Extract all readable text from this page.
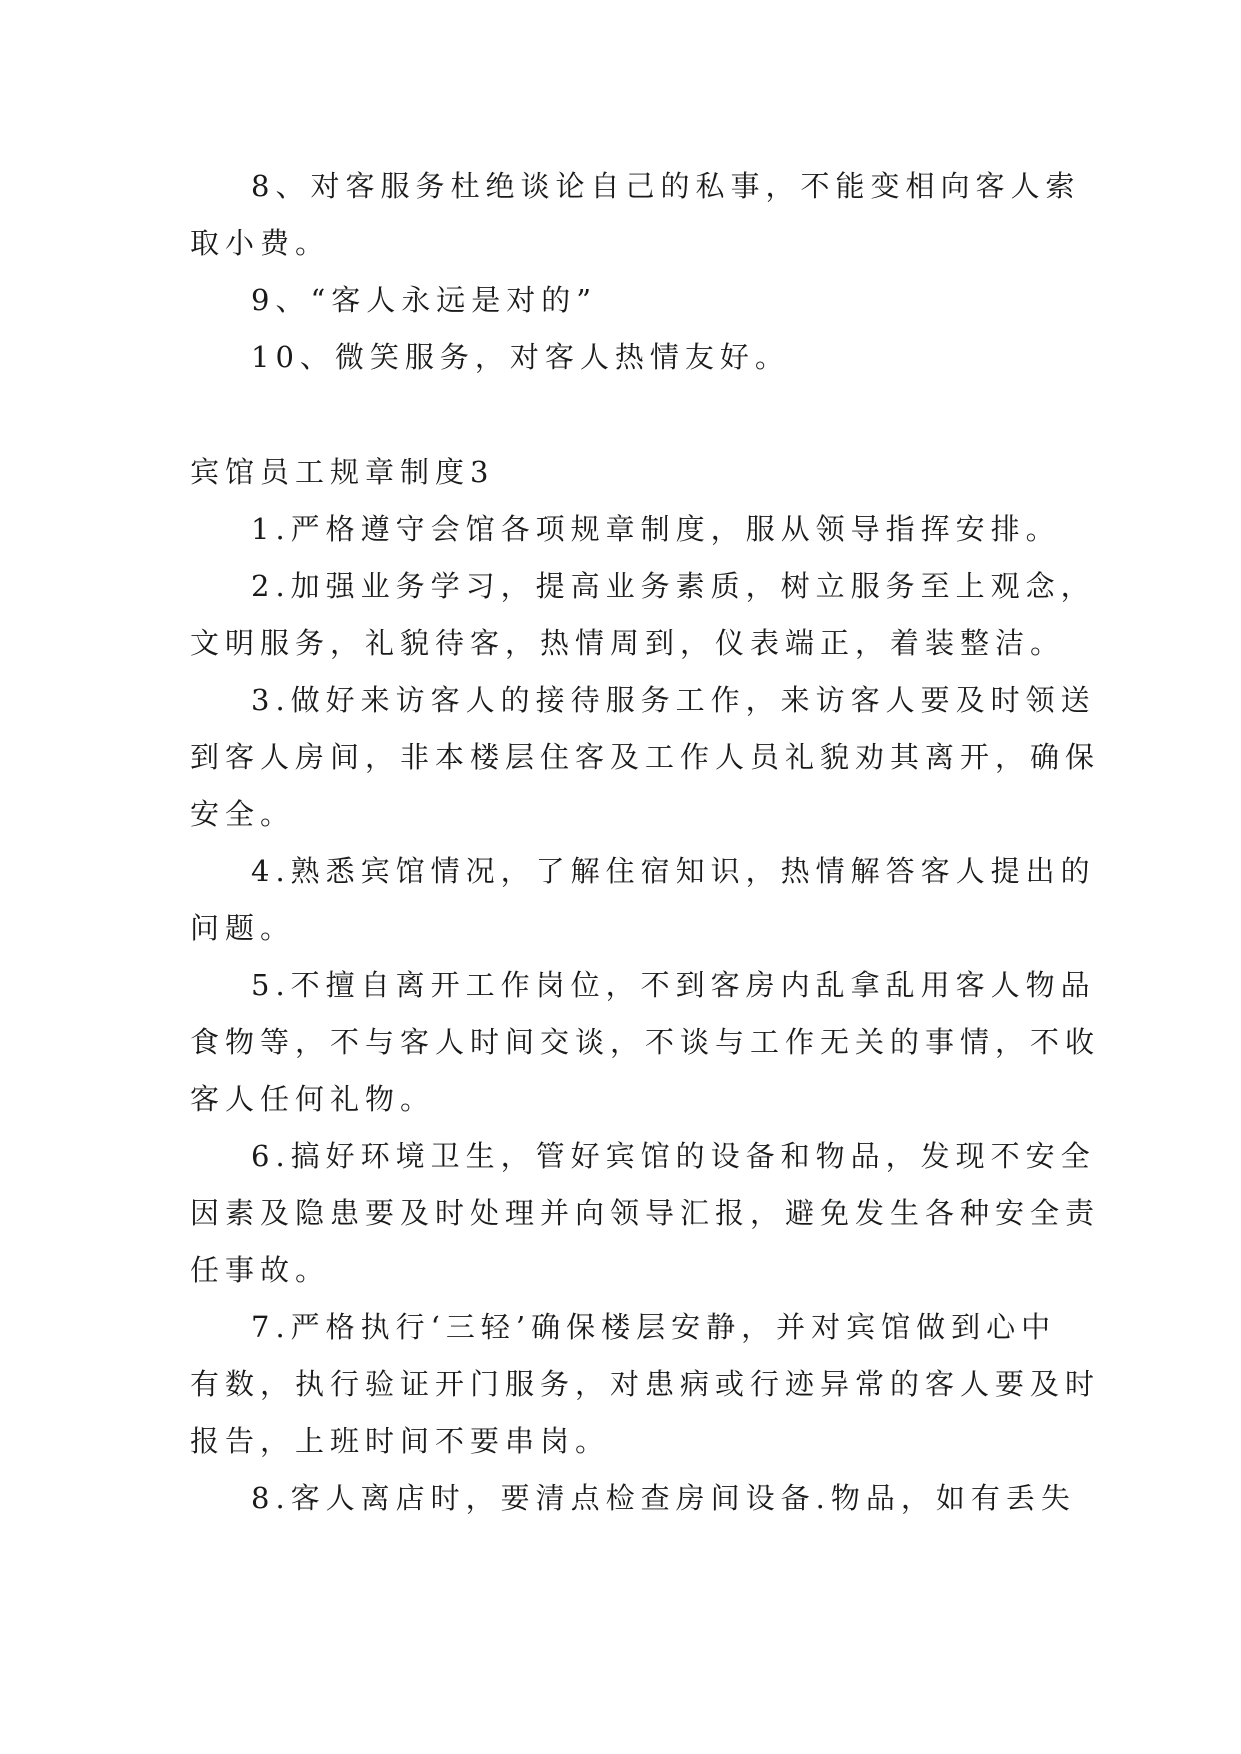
8、对客服务杜绝谈论自己的私事，不能变相向客人索
取小费。
9、“客人永远是对的”
10、微笑服务，对客人热情友好。
宾馆员工规章制度3
1.严格遵守会馆各项规章制度，服从领导指挥安排。
2.加强业务学习，提高业务素质，树立服务至上观念，
文明服务，礼貌待客，热情周到，仪表端正，着装整洁。
3.做好来访客人的接待服务工作，来访客人要及时领送
到客人房间，非本楼层住客及工作人员礼貌劝其离开，确保
安全。
4.熟悉宾馆情况，了解住宿知识，热情解答客人提出的
问题。
5.不擅自离开工作岗位，不到客房内乱拿乱用客人物品
食物等，不与客人时间交谈，不谈与工作无关的事情，不收
客人任何礼物。
6.搞好环境卫生，管好宾馆的设备和物品，发现不安全
因素及隐患要及时处理并向领导汇报，避免发生各种安全责
任事故。
7.严格执行‘三轻’确保楼层安静，并对宾馆做到心中
有数，执行验证开门服务，对患病或行迹异常的客人要及时
报告，上班时间不要串岗。
8.客人离店时，要清点检查房间设备.物品，如有丢失
